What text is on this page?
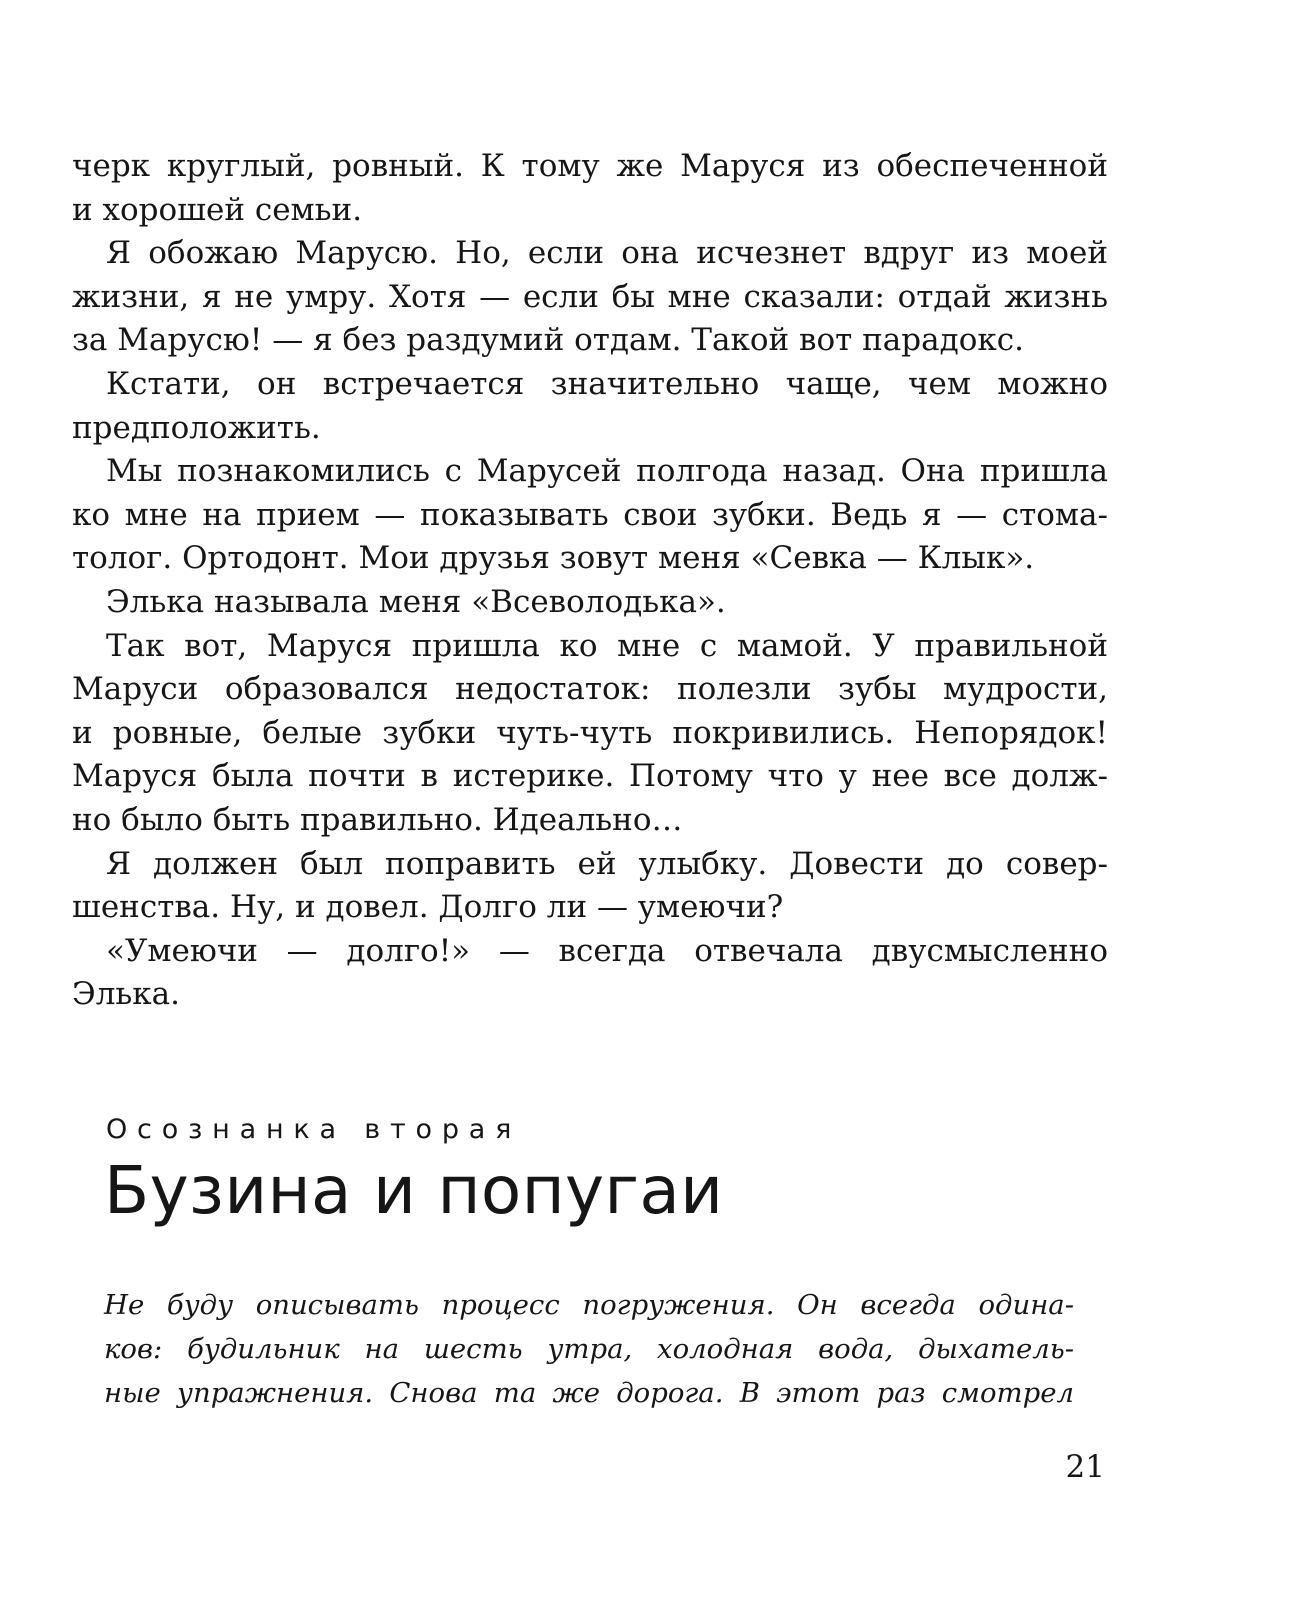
черк круглый, ровный. К тому же Маруся из обеспеченной
и хорошей семьи.
Я обожаю Марусю. Но, если она исчезнет вдруг из моей
жизни, я не умру. Хотя — если бы мне сказали: отдай жизнь
за Марусю! — я без раздумий отдам. Такой вот парадокс.
Кстати, он встречается значительно чаще, чем можно
предположить.
Мы познакомились с Марусей полгода назад. Она пришла
ко мне на прием — показывать свои зубки. Ведь я — стома-
толог. Ортодонт. Мои друзья зовут меня «Севка — Клык».
Элька называла меня «Всеволодька».
Так вот, Маруся пришла ко мне с мамой. У правильной
Маруси образовался недостаток: полезли зубы мудрости,
и ровные, белые зубки чуть-чуть покривились. Непорядок!
Маруся была почти в истерике. Потому что у нее все долж-
но было быть правильно. Идеально…
Я должен был поправить ей улыбку. Довести до совер-
шенства. Ну, и довел. Долго ли — умеючи?
«Умеючи — долго!» — всегда отвечала двусмысленно
Элька.
Осознанка вторая
Бузина и попугаи
Не буду описывать процесс погружения. Он всегда одина-
ков: будильник на шесть утра, холодная вода, дыхатель-
ные упражнения. Снова та же дорога. В этот раз смотрел
21
